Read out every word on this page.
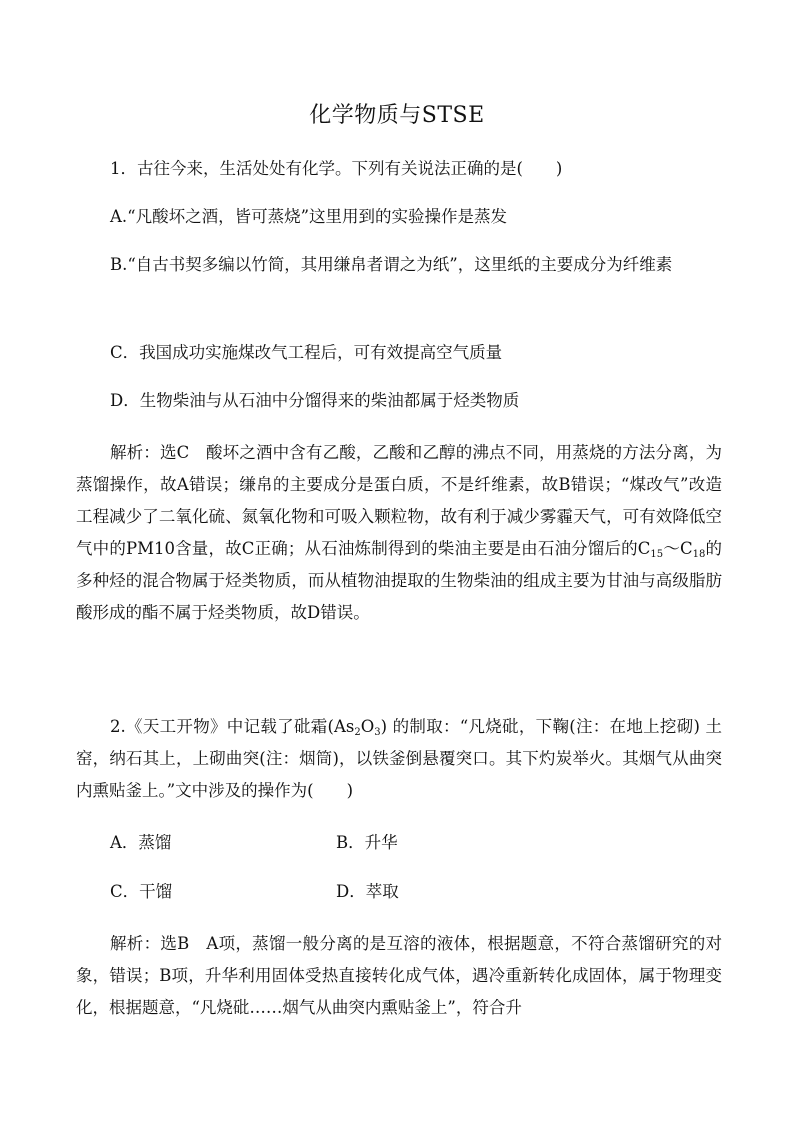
化学物质与STSE
1．古往今来，生活处处有化学。下列有关说法正确的是(　　)
A.“凡酸坏之酒，皆可蒸烧”这里用到的实验操作是蒸发
B.“自古书契多编以竹简，其用缣帛者谓之为纸”，这里纸的主要成分为纤维素
C．我国成功实施煤改气工程后，可有效提高空气质量
D．生物柴油与从石油中分馏得来的柴油都属于烃类物质
解析：选C　酸坏之酒中含有乙酸，乙酸和乙醇的沸点不同，用蒸烧的方法分离，为蒸馏操作，故A错误；缣帛的主要成分是蛋白质，不是纤维素，故B错误；“煤改气”改造工程减少了二氧化硫、氮氧化物和可吸入颗粒物，故有利于减少雾霾天气，可有效降低空气中的PM10含量，故C正确；从石油炼制得到的柴油主要是由石油分馏后的$C_{15}\sim C_{18}$的多种烃的混合物属于烃类物质，而从植物油提取的生物柴油的组成主要为甘油与高级脂肪酸形成的酯不属于烃类物质，故D错误。
2.《天工开物》中记载了砒霜$(As_2O_3)$ 的制取：“凡烧砒，下鞠(注：在地上挖砌) 土窑，纳石其上，上砌曲突(注：烟筒)，以铁釜倒悬覆突口。其下灼炭举火。其烟气从曲突内熏贴釜上。”文中涉及的操作为(　　)
A．蒸馏	B．升华
C．干馏	D．萃取
解析：选B　A项，蒸馏一般分离的是互溶的液体，根据题意，不符合蒸馏研究的对象，错误；B项，升华利用固体受热直接转化成气体，遇冷重新转化成固体，属于物理变化，根据题意，“凡烧砒……烟气从曲突内熏贴釜上”，符合升
